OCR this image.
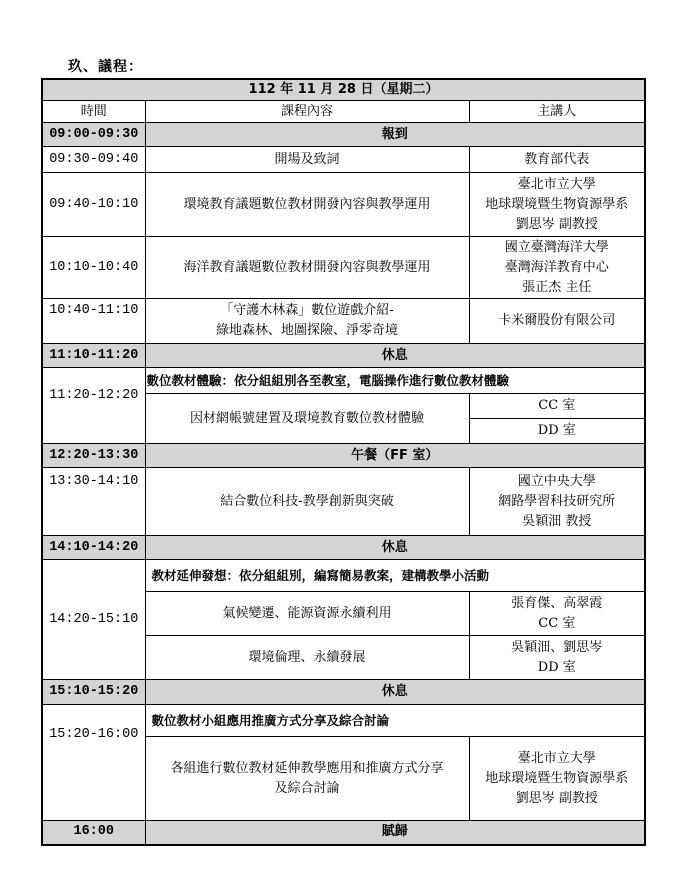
玖、議程：
112 年 11 月 28 日（星期二）		
時間	課程內容	主講人
09:00-09:30	報到	
09:30-09:40	開場及致詞	教育部代表
09:40-10:10	環境教育議題數位教材開發內容與教學運用	臺北市立大學
地球環境暨生物資源學系
劉思岑 副教授
10:10-10:40	海洋教育議題數位教材開發內容與教學運用	國立臺灣海洋大學
臺灣海洋教育中心
張正杰 主任
10:40-11:10	「守護木林森」數位遊戲介紹-
綠地森林、地圖探險、淨零奇境	卡米爾股份有限公司
11:10-11:20	休息	
11:20-12:20	數位教材體驗：依分組組別各至教室，電腦操作進行數位教材體驗	
	因材網帳號建置及環境教育數位教材體驗	CC 室
		DD 室
12:20-13:30	午餐（FF 室）	
13:30-14:10	結合數位科技-教學創新與突破	國立中央大學
網路學習科技研究所
吳穎沺 教授
14:10-14:20	休息	
14:20-15:10	教材延伸發想：依分組組別，編寫簡易教案，建構教學小活動	
	氣候變遷、能源資源永續利用	張育傑、高翠霞
CC 室
	環境倫理、永續發展	吳穎沺、劉思岑
DD 室
15:10-15:20	休息	
15:20-16:00	數位教材小組應用推廣方式分享及綜合討論	
	各組進行數位教材延伸教學應用和推廣方式分享
及綜合討論	臺北市立大學
地球環境暨生物資源學系
劉思岑 副教授
16:00	賦歸	
